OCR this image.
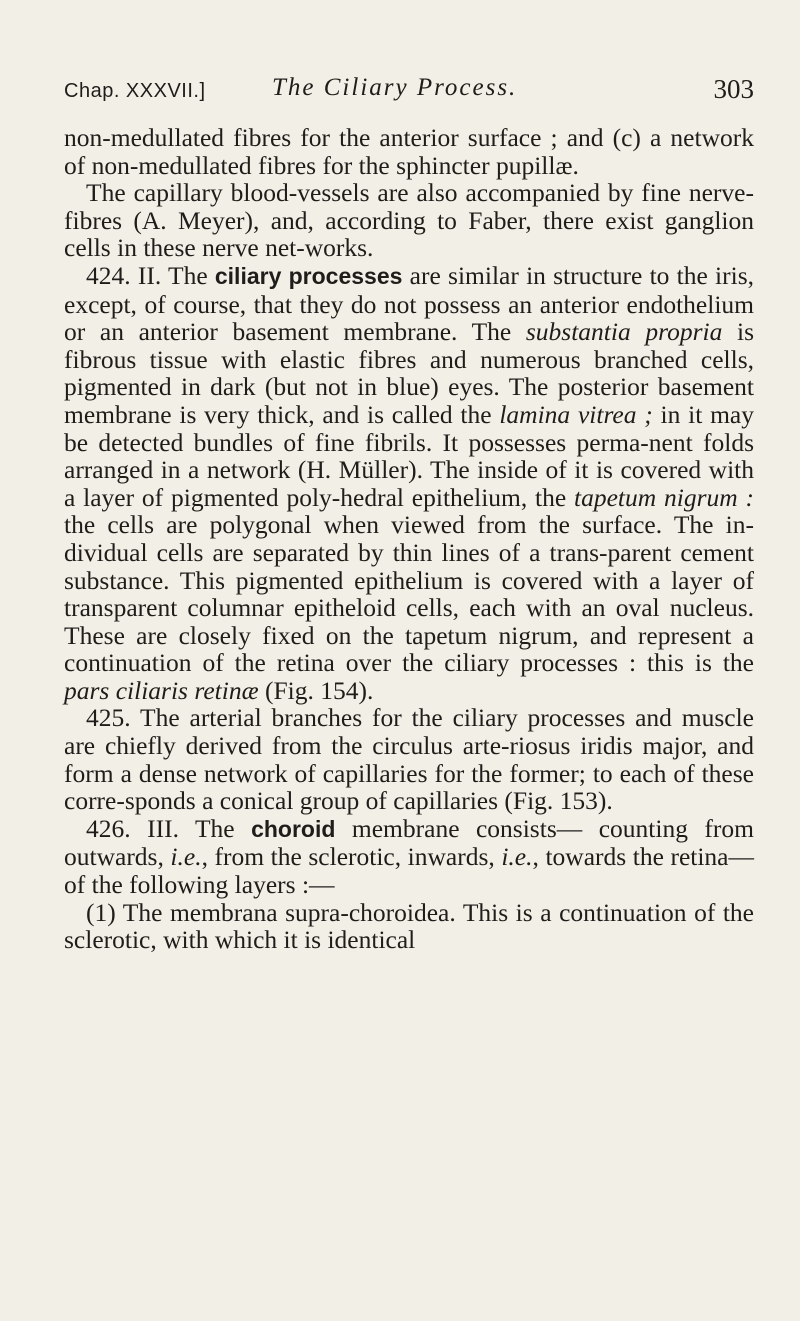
Chap. XXXVII.]	The Ciliary Process.	303

non-medullated fibres for the anterior surface ; and (c) a network of non-medullated fibres for the sphincter pupillæ.

The capillary blood-vessels are also accompanied by fine nerve-fibres (A. Meyer), and, according to Faber, there exist ganglion cells in these nerve net-works.

424. II. The ciliary processes are similar in structure to the iris, except, of course, that they do not possess an anterior endothelium or an anterior basement membrane. The substantia propria is fibrous tissue with elastic fibres and numerous branched cells, pigmented in dark (but not in blue) eyes. The posterior basement membrane is very thick, and is called the lamina vitrea ; in it may be detected bundles of fine fibrils. It possesses perma-nent folds arranged in a network (H. Müller). The inside of it is covered with a layer of pigmented poly-hedral epithelium, the tapetum nigrum : the cells are polygonal when viewed from the surface. The in-dividual cells are separated by thin lines of a trans-parent cement substance. This pigmented epithelium is covered with a layer of transparent columnar epitheloid cells, each with an oval nucleus. These are closely fixed on the tapetum nigrum, and represent a continuation of the retina over the ciliary processes : this is the pars ciliaris retinæ (Fig. 154).

425. The arterial branches for the ciliary processes and muscle are chiefly derived from the circulus arte-riosus iridis major, and form a dense network of capillaries for the former; to each of these corre-sponds a conical group of capillaries (Fig. 153).

426. III. The choroid membrane consists— counting from outwards, i.e., from the sclerotic, inwards, i.e., towards the retina—of the following layers :—

(1) The membrana supra-choroidea. This is a continuation of the sclerotic, with which it is identical
